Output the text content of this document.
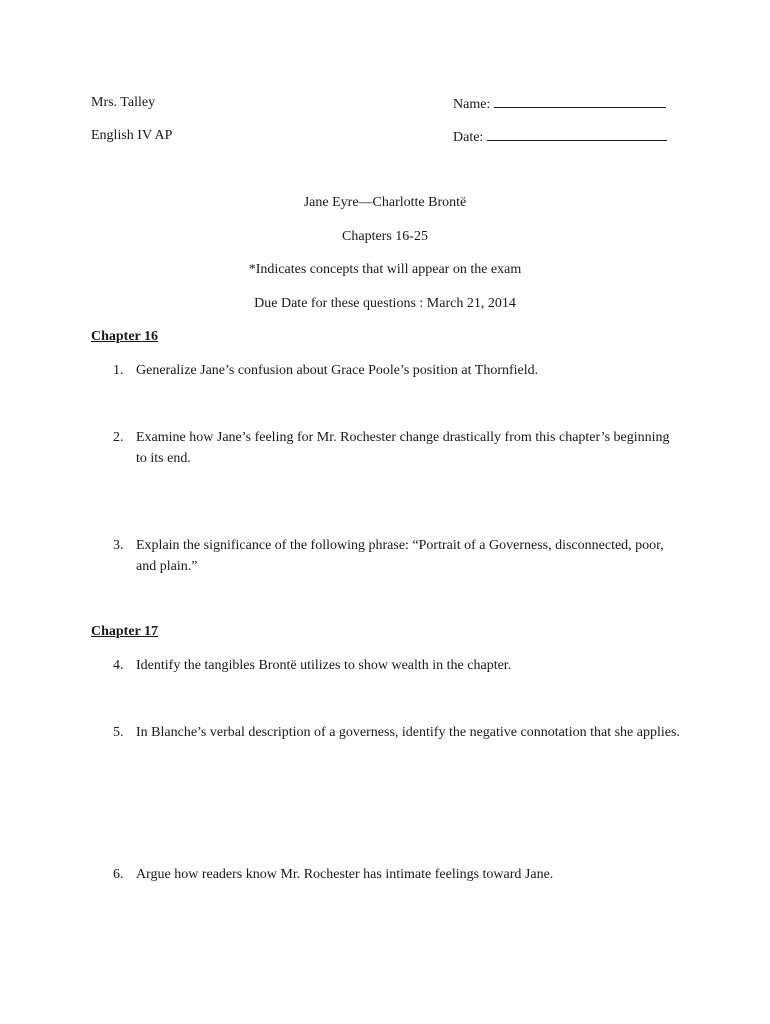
Mrs. Talley
English IV AP
Name:
Date:
Jane Eyre—Charlotte Brontë
Chapters 16-25
*Indicates concepts that will appear on the exam
Due Date for these questions : March 21, 2014
Chapter 16
1. Generalize Jane’s confusion about Grace Poole’s position at Thornfield.
2. Examine how Jane’s feeling for Mr. Rochester change drastically from this chapter’s beginning to its end.
3. Explain the significance of the following phrase: “Portrait of a Governess, disconnected, poor, and plain.”
Chapter 17
4. Identify the tangibles Brontë utilizes to show wealth in the chapter.
5. In Blanche’s verbal description of a governess, identify the negative connotation that she applies.
6. Argue how readers know Mr. Rochester has intimate feelings toward Jane.
